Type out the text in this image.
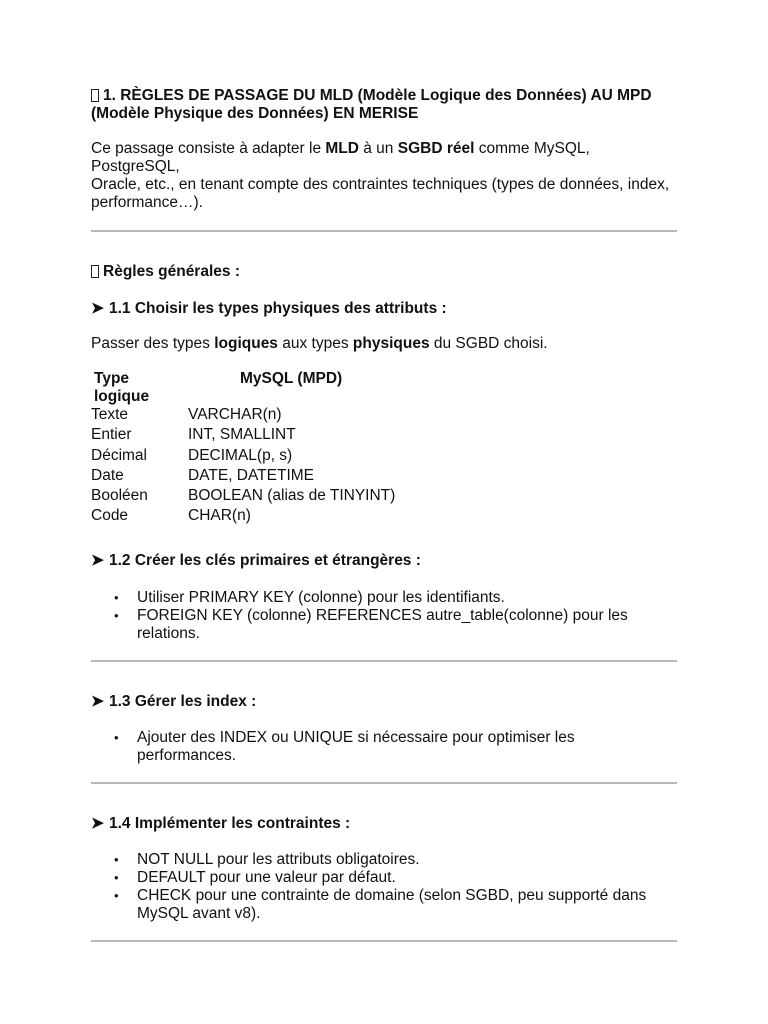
1. RÈGLES DE PASSAGE DU MLD (Modèle Logique des Données) AU MPD
(Modèle Physique des Données) EN MERISE

Ce passage consiste à adapter le MLD à un SGBD réel comme MySQL, PostgreSQL,
Oracle, etc., en tenant compte des contraintes techniques (types de données, index,
performance…).

Règles générales :
➤ 1.1 Choisir les types physiques des attributs :

Passer des types logiques aux types physiques du SGBD choisi.

Type logique	MySQL (MPD)
Texte	VARCHAR(n)
Entier	INT, SMALLINT
Décimal	DECIMAL(p, s)
Date	DATE, DATETIME
Booléen	BOOLEAN (alias de TINYINT)
Code	CHAR(n)
➤ 1.2 Créer les clés primaires et étrangères :
• Utiliser PRIMARY KEY (colonne) pour les identifiants.
• FOREIGN KEY (colonne) REFERENCES autre_table(colonne) pour les relations.
➤ 1.3 Gérer les index :
• Ajouter des INDEX ou UNIQUE si nécessaire pour optimiser les performances.
➤ 1.4 Implémenter les contraintes :
• NOT NULL pour les attributs obligatoires.
• DEFAULT pour une valeur par défaut.
• CHECK pour une contrainte de domaine (selon SGBD, peu supporté dans
MySQL avant v8).
